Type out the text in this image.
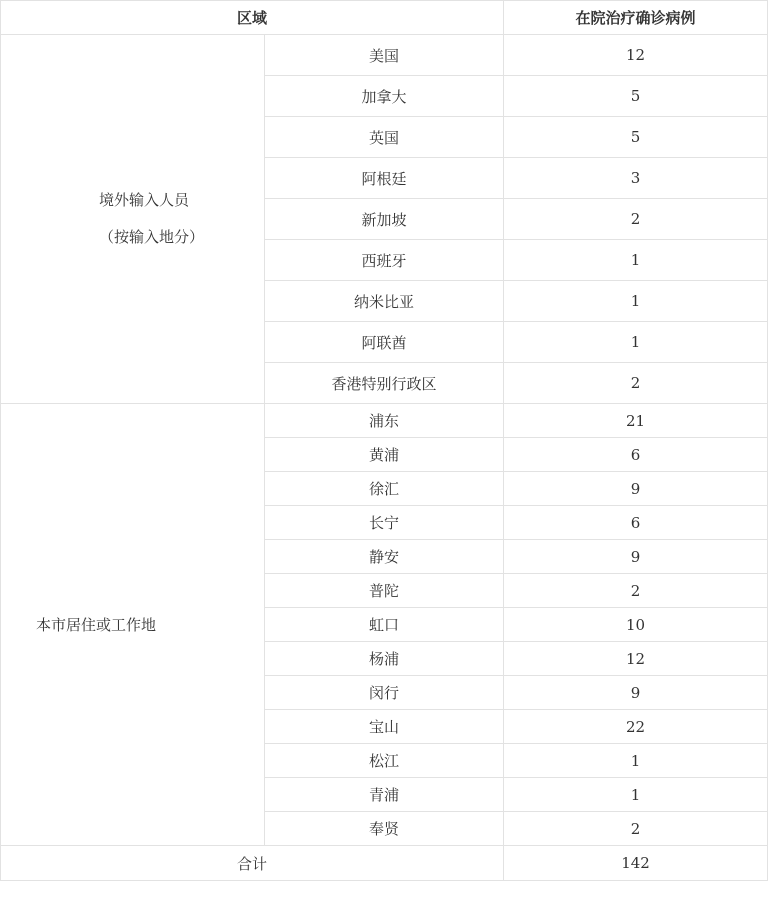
区域		在院治疗确诊病例

境外输入人员
（按输入地分）	美国	12
	加拿大	5
	英国	5
	阿根廷	3
	新加坡	2
	西班牙	1
	纳米比亚	1
	阿联酋	1
	香港特别行政区	2

本市居住或工作地	浦东	21
	黄浦	6
	徐汇	9
	长宁	6
	静安	9
	普陀	2
	虹口	10
	杨浦	12
	闵行	9
	宝山	22
	松江	1
	青浦	1
	奉贤	2
合计		142
